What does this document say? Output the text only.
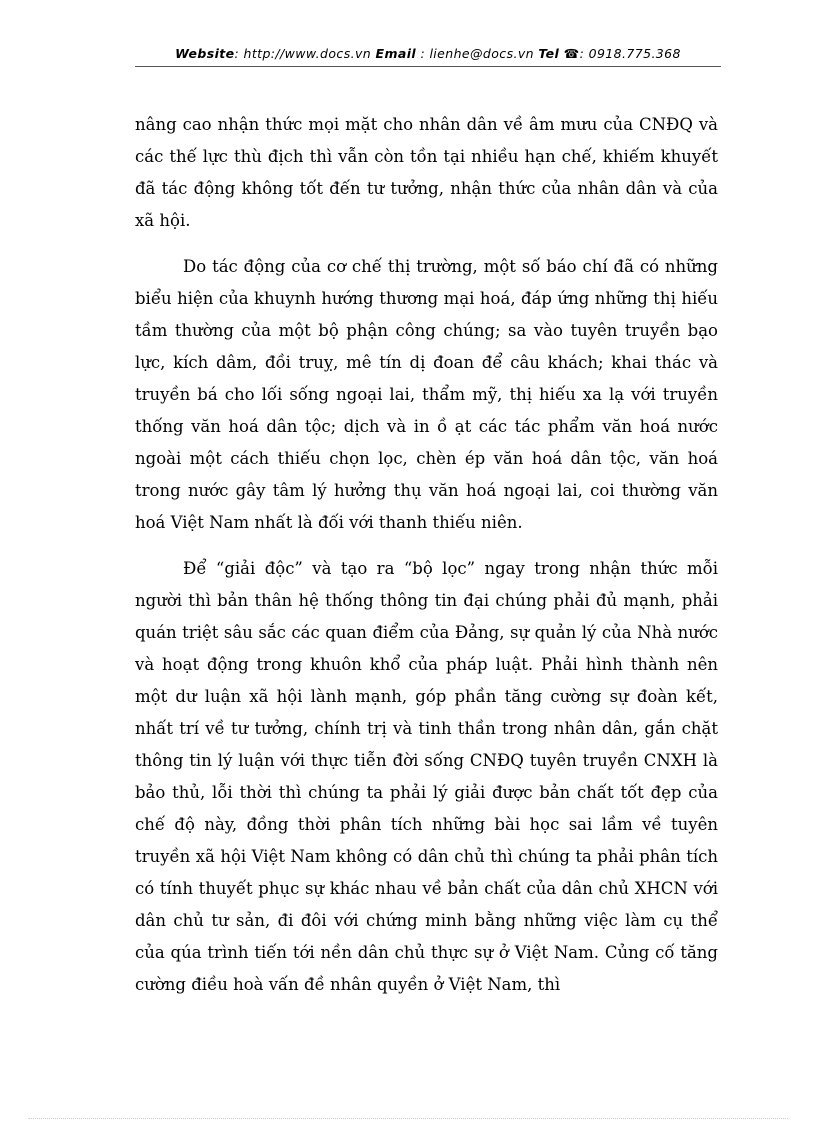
Website: http://www.docs.vn Email : lienhe@docs.vn Tel ☎: 0918.775.368

nâng cao nhận thức mọi mặt cho nhân dân về âm mưu của CNĐQ và các thế lực thù địch thì vẫn còn tồn tại nhiều hạn chế, khiếm khuyết đã tác động không tốt đến tư tưởng, nhận thức của nhân dân và của xã hội.

Do tác động của cơ chế thị trường, một số báo chí đã có những biểu hiện của khuynh hướng thương mại hoá, đáp ứng những thị hiếu tầm thường của một bộ phận công chúng; sa vào tuyên truyền bạo lực, kích dâm, đồi truỵ, mê tín dị đoan để câu khách; khai thác và truyền bá cho lối sống ngoại lai, thẩm mỹ, thị hiếu xa lạ với truyền thống văn hoá dân tộc; dịch và in ồ ạt các tác phẩm văn hoá nước ngoài một cách thiếu chọn lọc, chèn ép văn hoá dân tộc, văn hoá trong nước gây tâm lý hưởng thụ văn hoá ngoại lai, coi thường văn hoá Việt Nam nhất là đối với thanh thiếu niên.

Để “giải độc” và tạo ra “bộ lọc” ngay trong nhận thức mỗi người thì bản thân hệ thống thông tin đại chúng phải đủ mạnh, phải quán triệt sâu sắc các quan điểm của Đảng, sự quản lý của Nhà nước và hoạt động trong khuôn khổ của pháp luật. Phải hình thành nên một dư luận xã hội lành mạnh, góp phần tăng cường sự đoàn kết, nhất trí về tư tưởng, chính trị và tinh thần trong nhân dân, gắn chặt thông tin lý luận với thực tiễn đời sống CNĐQ tuyên truyền CNXH là bảo thủ, lỗi thời thì chúng ta phải lý giải được bản chất tốt đẹp của chế độ này, đồng thời phân tích những bài học sai lầm về tuyên truyền xã hội Việt Nam không có dân chủ thì chúng ta phải phân tích có tính thuyết phục sự khác nhau về bản chất của dân chủ XHCN với dân chủ tư sản, đi đôi với chứng minh bằng những việc làm cụ thể của qúa trình tiến tới nền dân chủ thực sự ở Việt Nam. Củng cố tăng cường điều hoà vấn đề nhân quyền ở Việt Nam, thì
